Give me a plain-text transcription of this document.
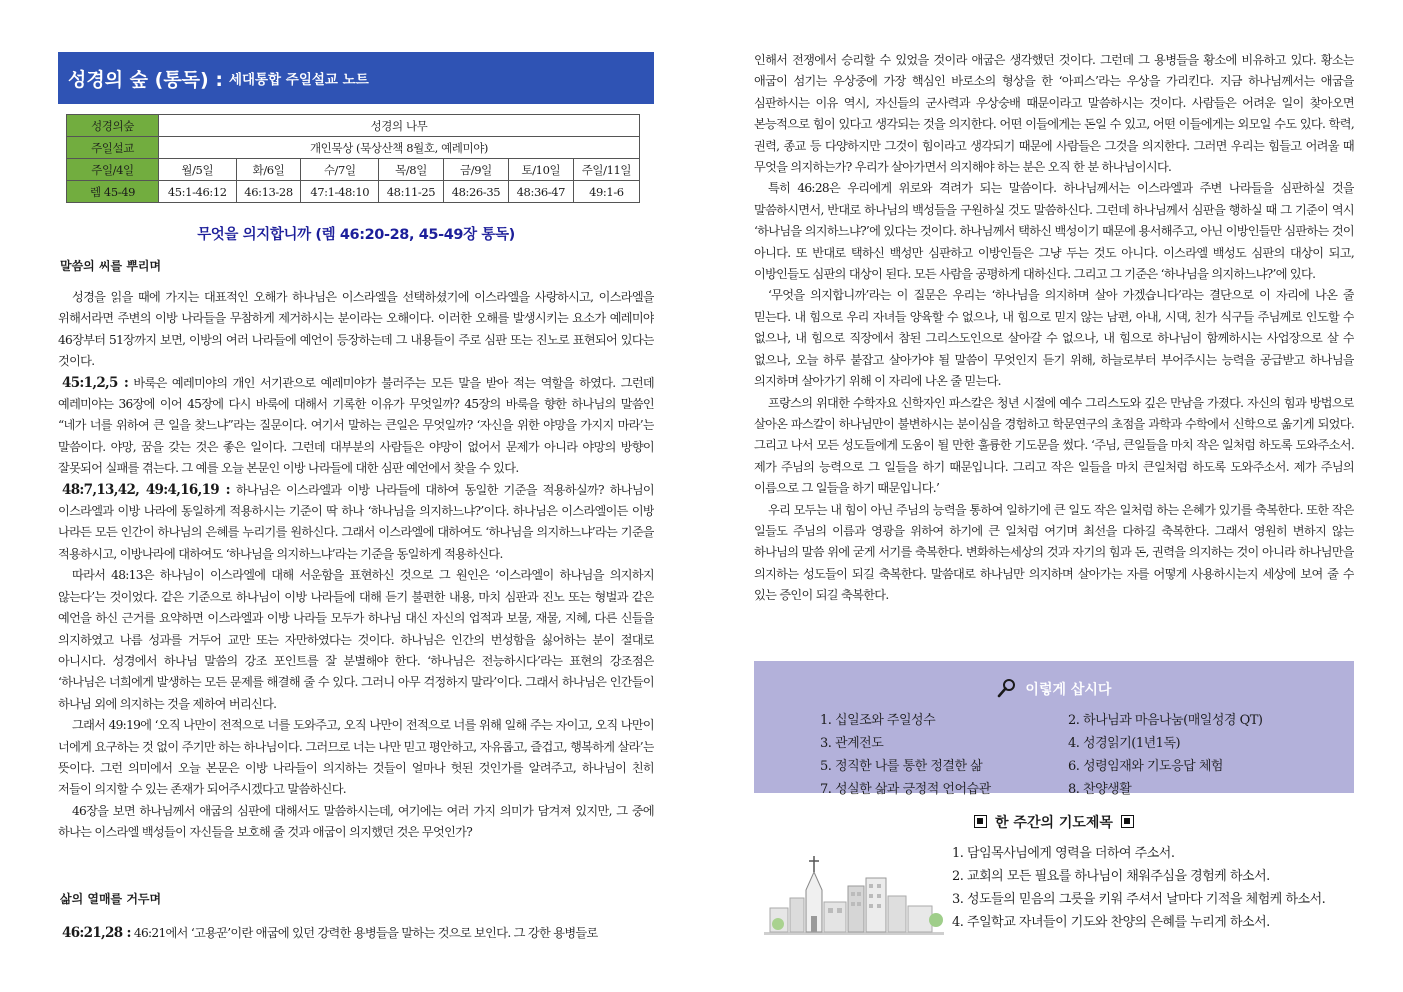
성경의 숲 (통독) : 세대통합 주일설교 노트
성경의숲	성경의 나무						
주일설교	개인묵상 (묵상산책 8월호, 예레미야)						
주일/4일	월/5일	화/6일	수/7일	목/8일	금/9일	토/10일	주일/11일
렘 45-49	45:1-46:12	46:13-28	47:1-48:10	48:11-25	48:26-35	48:36-47	49:1-6
무엇을 의지합니까 (렘 46:20-28, 45-49장 통독)
말씀의 씨를 뿌리며

성경을 읽을 때에 가지는 대표적인 오해가 하나님은 이스라엘을 선택하셨기에 이스라엘을 사랑하시고, 이스라엘을 위해서라면 주변의 이방 나라들을 무참하게 제거하시는 분이라는 오해이다. 이러한 오해를 발생시키는 요소가 예레미야 46장부터 51장까지 보면, 이방의 여러 나라들에 예언이 등장하는데 그 내용들이 주로 심판 또는 진노로 표현되어 있다는 것이다.

45:1,2,5 : 바룩은 예레미야의 개인 서기관으로 예레미야가 불러주는 모든 말을 받아 적는 역할을 하였다. 그런데 예레미야는 36장에 이어 45장에 다시 바룩에 대해서 기록한 이유가 무엇일까? 45장의 바룩을 향한 하나님의 말씀인 “네가 너를 위하여 큰 일을 찾느냐”라는 질문이다. 여기서 말하는 큰일은 무엇일까? ‘자신을 위한 야망을 가지지 마라’는 말씀이다. 야망, 꿈을 갖는 것은 좋은 일이다. 그런데 대부분의 사람들은 야망이 없어서 문제가 아니라 야망의 방향이 잘못되어 실패를 겪는다. 그 예를 오늘 본문인 이방 나라들에 대한 심판 예언에서 찾을 수 있다.

48:7,13,42, 49:4,16,19 : 하나님은 이스라엘과 이방 나라들에 대하여 동일한 기준을 적용하실까? 하나님이 이스라엘과 이방 나라에 동일하게 적용하시는 기준이 딱 하나 ‘하나님을 의지하느냐?’이다. 하나님은 이스라엘이든 이방 나라든 모든 인간이 하나님의 은혜를 누리기를 원하신다. 그래서 이스라엘에 대하여도 ‘하나님을 의지하느냐’라는 기준을 적용하시고, 이방나라에 대하여도 ‘하나님을 의지하느냐’라는 기준을 동일하게 적용하신다.

따라서 48:13은 하나님이 이스라엘에 대해 서운함을 표현하신 것으로 그 원인은 ‘이스라엘이 하나님을 의지하지 않는다’는 것이었다. 같은 기준으로 하나님이 이방 나라들에 대해 듣기 불편한 내용, 마치 심판과 진노 또는 형벌과 같은 예언을 하신 근거를 요약하면 이스라엘과 이방 나라들 모두가 하나님 대신 자신의 업적과 보물, 재물, 지혜, 다른 신들을 의지하였고 나름 성과를 거두어 교만 또는 자만하였다는 것이다. 하나님은 인간의 번성함을 싫어하는 분이 절대로 아니시다. 성경에서 하나님 말씀의 강조 포인트를 잘 분별해야 한다. ‘하나님은 전능하시다’라는 표현의 강조점은 ‘하나님은 너희에게 발생하는 모든 문제를 해결해 줄 수 있다. 그러니 아무 걱정하지 말라’이다. 그래서 하나님은 인간들이 하나님 외에 의지하는 것을 제하여 버리신다.

그래서 49:19에 ‘오직 나만이 전적으로 너를 도와주고, 오직 나만이 전적으로 너를 위해 일해 주는 자이고, 오직 나만이 너에게 요구하는 것 없이 주기만 하는 하나님이다. 그러므로 너는 나만 믿고 평안하고, 자유롭고, 즐겁고, 행복하게 살라’는 뜻이다. 그런 의미에서 오늘 본문은 이방 나라들이 의지하는 것들이 얼마나 헛된 것인가를 알려주고, 하나님이 친히 저들이 의지할 수 있는 존재가 되어주시겠다고 말씀하신다.

46장을 보면 하나님께서 애굽의 심판에 대해서도 말씀하시는데, 여기에는 여러 가지 의미가 담겨져 있지만, 그 중에 하나는 이스라엘 백성들이 자신들을 보호해 줄 것과 애굽이 의지했던 것은 무엇인가?

삶의 열매를 거두며

46:21,28 : 46:21에서 ‘고용꾼’이란 애굽에 있던 강력한 용병들을 말하는 것으로 보인다. 그 강한 용병들로

인해서 전쟁에서 승리할 수 있었을 것이라 애굽은 생각했던 것이다. 그런데 그 용병들을 황소에 비유하고 있다. 황소는 애굽이 섬기는 우상중에 가장 핵심인 바로소의 형상을 한 ‘아피스’라는 우상을 가리킨다. 지금 하나님께서는 애굽을 심판하시는 이유 역시, 자신들의 군사력과 우상숭배 때문이라고 말씀하시는 것이다. 사람들은 어려운 일이 찾아오면 본능적으로 힘이 있다고 생각되는 것을 의지한다. 어떤 이들에게는 돈일 수 있고, 어떤 이들에게는 외모일 수도 있다. 학력, 권력, 종교 등 다양하지만 그것이 힘이라고 생각되기 때문에 사람들은 그것을 의지한다. 그러면 우리는 힘들고 어려울 때 무엇을 의지하는가? 우리가 살아가면서 의지해야 하는 분은 오직 한 분 하나님이시다.

특히 46:28은 우리에게 위로와 격려가 되는 말씀이다. 하나님께서는 이스라엘과 주변 나라들을 심판하실 것을 말씀하시면서, 반대로 하나님의 백성들을 구원하실 것도 말씀하신다. 그런데 하나님께서 심판을 행하실 때 그 기준이 역시 ‘하나님을 의지하느냐?’에 있다는 것이다. 하나님께서 택하신 백성이기 때문에 용서해주고, 아닌 이방인들만 심판하는 것이 아니다. 또 반대로 택하신 백성만 심판하고 이방인들은 그냥 두는 것도 아니다. 이스라엘 백성도 심판의 대상이 되고, 이방인들도 심판의 대상이 된다. 모든 사람을 공평하게 대하신다. 그리고 그 기준은 ‘하나님을 의지하느냐?’에 있다.

‘무엇을 의지합니까’라는 이 질문은 우리는 ‘하나님을 의지하며 살아 가겠습니다’라는 결단으로 이 자리에 나온 줄 믿는다. 내 힘으로 우리 자녀들 양육할 수 없으나, 내 힘으로 믿지 않는 남편, 아내, 시댁, 친가 식구들 주님께로 인도할 수 없으나, 내 힘으로 직장에서 참된 그리스도인으로 살아갈 수 없으나, 내 힘으로 하나님이 함께하시는 사업장으로 살 수 없으나, 오늘 하루 붙잡고 살아가야 될 말씀이 무엇인지 듣기 위해, 하늘로부터 부어주시는 능력을 공급받고 하나님을 의지하며 살아가기 위해 이 자리에 나온 줄 믿는다.

프랑스의 위대한 수학자요 신학자인 파스칼은 청년 시절에 예수 그리스도와 깊은 만남을 가졌다. 자신의 힘과 방법으로 살아온 파스칼이 하나님만이 불변하시는 분이심을 경험하고 학문연구의 초점을 과학과 수학에서 신학으로 옮기게 되었다. 그리고 나서 모든 성도들에게 도움이 될 만한 훌륭한 기도문을 썼다. ‘주님, 큰일들을 마치 작은 일처럼 하도록 도와주소서. 제가 주님의 능력으로 그 일들을 하기 때문입니다. 그리고 작은 일들을 마치 큰일처럼 하도록 도와주소서. 제가 주님의 이름으로 그 일들을 하기 때문입니다.’

우리 모두는 내 힘이 아닌 주님의 능력을 통하여 일하기에 큰 일도 작은 일처럼 하는 은혜가 있기를 축복한다. 또한 작은 일들도 주님의 이름과 영광을 위하여 하기에 큰 일처럼 여기며 최선을 다하길 축복한다. 그래서 영원히 변하지 않는 하나님의 말씀 위에 굳게 서기를 축복한다. 변화하는세상의 것과 자기의 힘과 돈, 권력을 의지하는 것이 아니라 하나님만을 의지하는 성도들이 되길 축복한다. 말씀대로 하나님만 의지하며 살아가는 자를 어떻게 사용하시는지 세상에 보여 줄 수 있는 증인이 되길 축복한다.

이렇게 삽시다
1. 십일조와 주일성수	2. 하나님과 마음나눔(매일성경 QT)
3. 관계전도	4. 성경읽기(1년1독)
5. 정직한 나를 통한 정결한 삶	6. 성령임재와 기도응답 체험
7. 성실한 삶과 긍정적 언어습관	8. 찬양생활
한 주간의 기도제목
1. 담임목사님에게 영력을 더하여 주소서.
2. 교회의 모든 필요를 하나님이 채워주심을 경험케 하소서.
3. 성도들의 믿음의 그릇을 키워 주셔서 날마다 기적을 체험케 하소서.
4. 주일학교 자녀들이 기도와 찬양의 은혜를 누리게 하소서.
